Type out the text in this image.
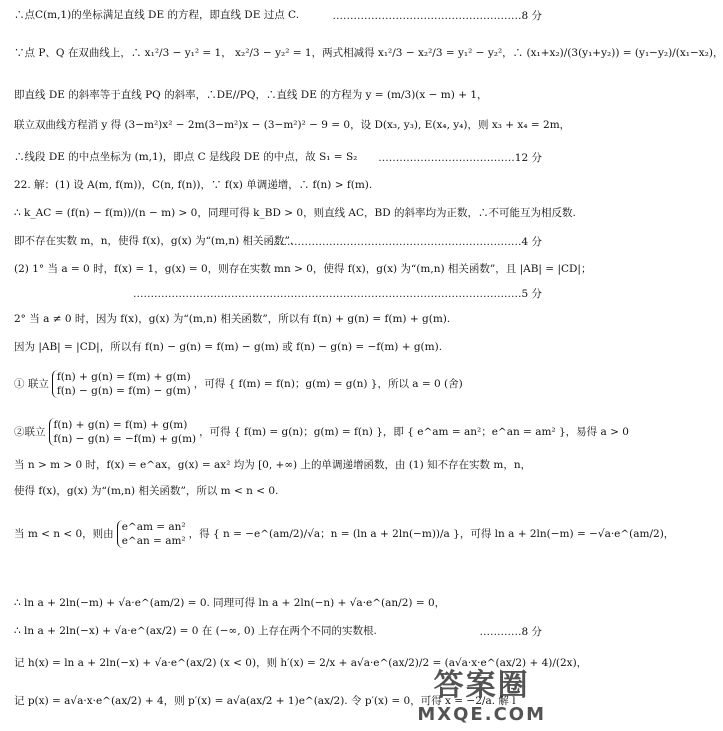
∴点C(m,1)的坐标满足直线 DE 的方程，即直线 DE 过点 C.	………………………………………………8 分
∵点 P、Q 在双曲线上，∴ x₁²/3 − y₁² = 1， x₂²/3 − y₂² = 1，两式相减得 x₁²/3 − x₂²/3 = y₁² − y₂²，∴ (x₁+x₂)/(3(y₁+y₂)) = (y₁−y₂)/(x₁−x₂)，
即直线 DE 的斜率等于直线 PQ 的斜率，∴DE//PQ，∴直线 DE 的方程为 y = (m/3)(x − m) + 1，
联立双曲线方程消 y 得 (3−m²)x² − 2m(3−m²)x − (3−m²)² − 9 = 0，设 D(x₃, y₃), E(x₄, y₄)，则 x₃ + x₄ = 2m，
∴线段 DE 的中点坐标为 (m,1)，即点 C 是线段 DE 的中点，故 S₁ = S₂	…………………………………12 分
22. 解：(1) 设 A(m, f(m))，C(n, f(n))，∵ f(x) 单调递增，∴ f(n) > f(m).
∴ k_AC = (f(n) − f(m))/(n − m) > 0，同理可得 k_BD > 0，则直线 AC，BD 的斜率均为正数，∴不可能互为相反数.
即不存在实数 m，n，使得 f(x)，g(x) 为“(m,n) 相关函数”.
………………………………………………………………4 分
(2) 1° 当 a = 0 时，f(x) = 1，g(x) = 0，则存在实数 mn > 0，使得 f(x)，g(x) 为“(m,n) 相关函数”，且 |AB| = |CD|；
…………………………………………………………………………………………………5 分
2° 当 a ≠ 0 时，因为 f(x)，g(x) 为“(m,n) 相关函数”，所以有 f(n) + g(n) = f(m) + g(m).
因为 |AB| = |CD|，所以有 f(n) − g(n) = f(m) − g(m) 或 f(n) − g(n) = −f(m) + g(m).
① 联立
f(n) + g(n) = f(m) + g(m)
f(n) − g(n) = f(m) − g(m)
，可得 { f(m) = f(n)；g(m) = g(n) }，所以 a = 0 (舍)
②联立
f(n) + g(n) = f(m) + g(m)
f(n) − g(n) = −f(m) + g(m)
，可得 { f(m) = g(n)；g(m) = f(n) }，即 { e^am = an²；e^an = am² }，易得 a > 0
当 n > m > 0 时，f(x) = e^ax，g(x) = ax² 均为 [0, +∞) 上的单调递增函数，由 (1) 知不存在实数 m，n，
使得 f(x)，g(x) 为“(m,n) 相关函数”，所以 m < n < 0.
当 m < n < 0，则由
e^am = an²
e^an = am²
，得 { n = −e^(am/2)/√a；n = (ln a + 2ln(−m))/a }，可得 ln a + 2ln(−m) = −√a·e^(am/2)，
∴ ln a + 2ln(−m) + √a·e^(am/2) = 0. 同理可得 ln a + 2ln(−n) + √a·e^(an/2) = 0，
∴ ln a + 2ln(−x) + √a·e^(ax/2) = 0 在 (−∞, 0) 上存在两个不同的实数根.	…………8 分
记 h(x) = ln a + 2ln(−x) + √a·e^(ax/2) (x < 0)，则 h′(x) = 2/x + a√a·e^(ax/2)/2 = (a√a·x·e^(ax/2) + 4)/(2x)，
记 p(x) = a√a·x·e^(ax/2) + 4，则 p′(x) = a√a(ax/2 + 1)e^(ax/2). 令 p′(x) = 0，可得 x = −2/a. 解 l
答案圈
MXQE.COM
